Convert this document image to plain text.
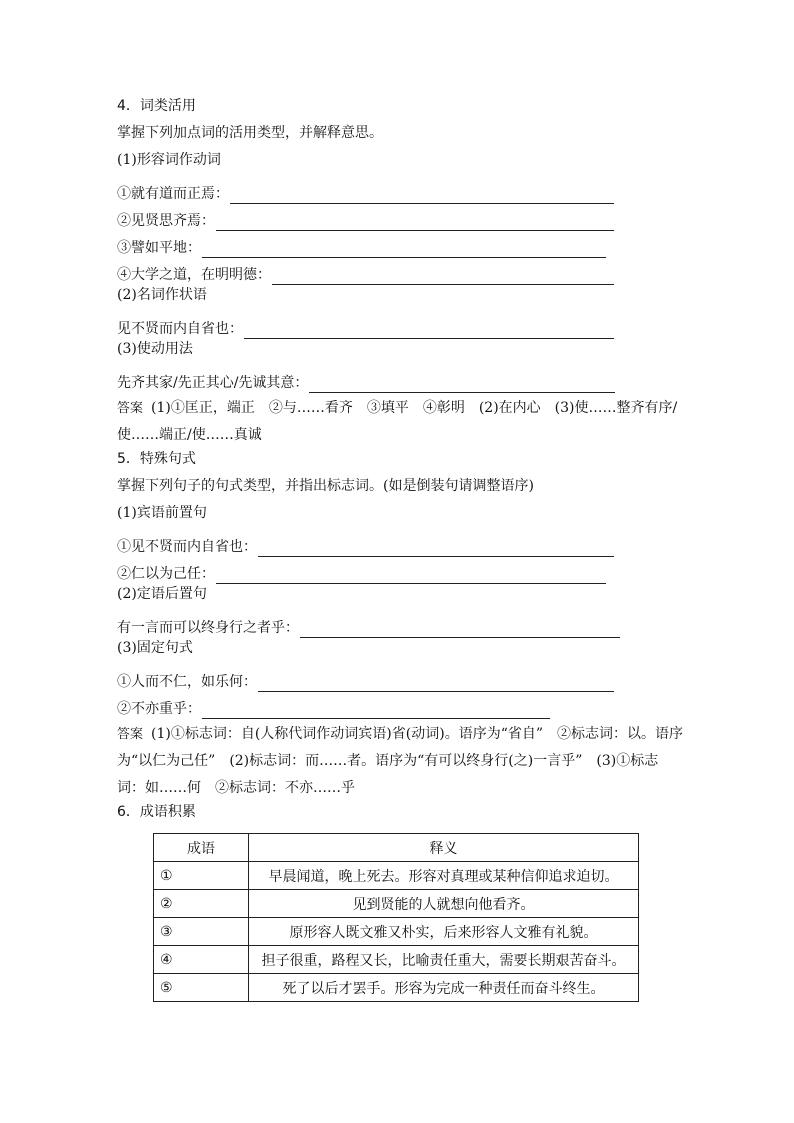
4．词类活用
掌握下列加点词的活用类型，并解释意思。
(1)形容词作动词
①就有道而正焉：
②见贤思齐焉：
③譬如平地：
④大学之道，在明明德：
(2)名词作状语
见不贤而内自省也：
(3)使动用法
先齐其家/先正其心/先诚其意：
答案 (1)①匡正，端正　②与……看齐　③填平　④彰明　(2)在内心　(3)使……整齐有序/使……端正/使……真诚
5．特殊句式
掌握下列句子的句式类型，并指出标志词。(如是倒装句请调整语序)
(1)宾语前置句
①见不贤而内自省也：
②仁以为己任：
(2)定语后置句
有一言而可以终身行之者乎：
(3)固定句式
①人而不仁，如乐何：
②不亦重乎：
答案 (1)①标志词：自(人称代词作动词宾语)省(动词)。语序为“省自”　②标志词：以。语序为“以仁为己任”　(2)标志词：而……者。语序为“有可以终身行(之)一言乎”　(3)①标志词：如……何　②标志词：不亦……乎
6．成语积累
成语	释义
①	早晨闻道，晚上死去。形容对真理或某种信仰追求迫切。
②	见到贤能的人就想向他看齐。
③	原形容人既文雅又朴实，后来形容人文雅有礼貌。
④	担子很重，路程又长，比喻责任重大，需要长期艰苦奋斗。
⑤	死了以后才罢手。形容为完成一种责任而奋斗终生。
